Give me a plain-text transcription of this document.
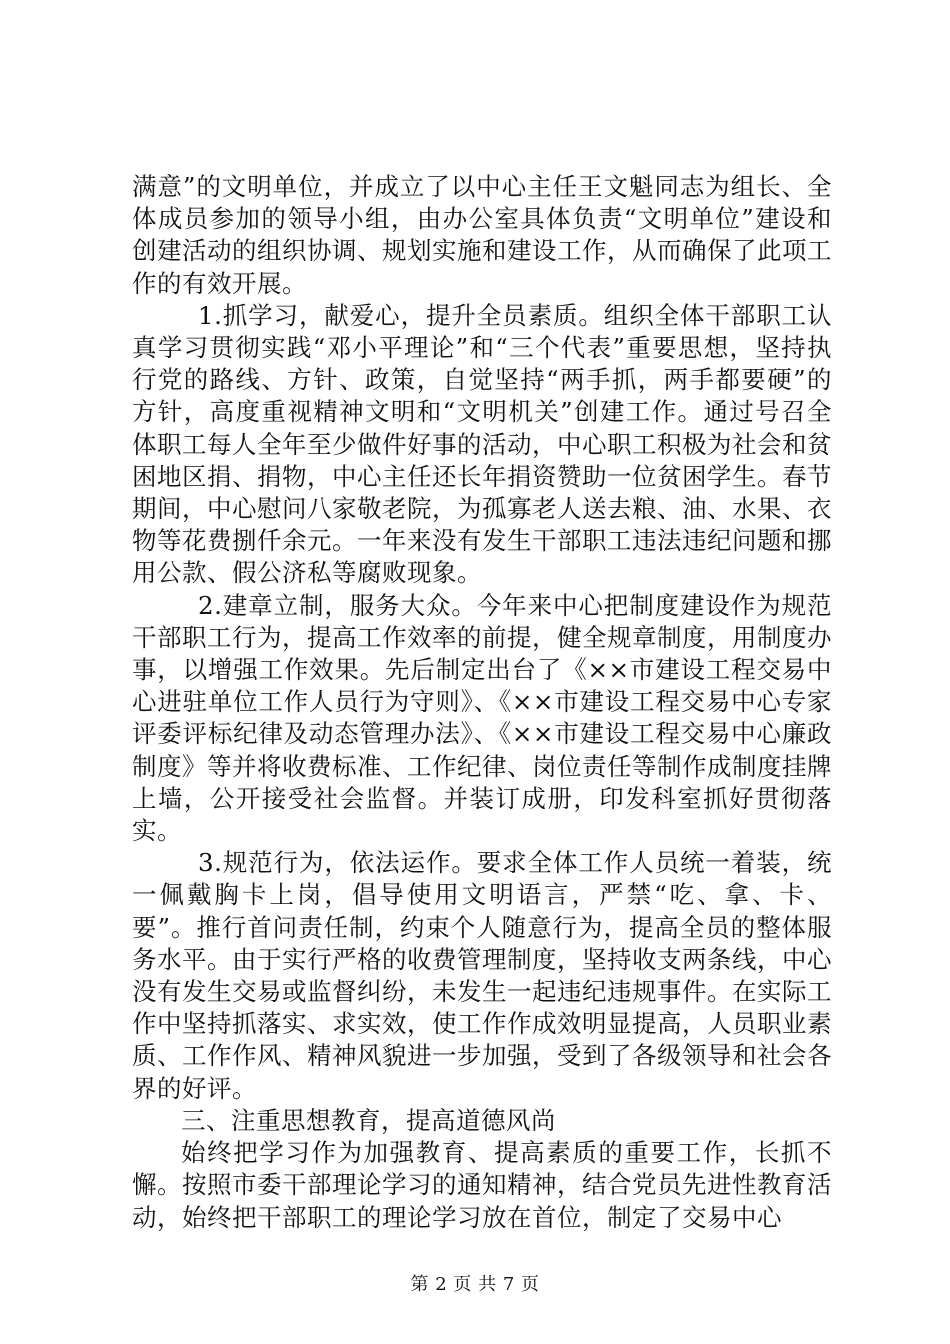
满意”的文明单位，并成立了以中心主任王文魁同志为组长、全体成员参加的领导小组，由办公室具体负责“文明单位”建设和创建活动的组织协调、规划实施和建设工作，从而确保了此项工作的有效开展。

1.抓学习，献爱心，提升全员素质。组织全体干部职工认真学习贯彻实践“邓小平理论”和“三个代表”重要思想，坚持执行党的路线、方针、政策，自觉坚持“两手抓，两手都要硬”的方针，高度重视精神文明和“文明机关”创建工作。通过号召全体职工每人全年至少做件好事的活动，中心职工积极为社会和贫困地区捐、捐物，中心主任还长年捐资赞助一位贫困学生。春节期间，中心慰问八家敬老院，为孤寡老人送去粮、油、水果、衣物等花费捌仟余元。一年来没有发生干部职工违法违纪问题和挪用公款、假公济私等腐败现象。

2.建章立制，服务大众。今年来中心把制度建设作为规范干部职工行为，提高工作效率的前提，健全规章制度，用制度办事，以增强工作效果。先后制定出台了《××市建设工程交易中心进驻单位工作人员行为守则》、《××市建设工程交易中心专家评委评标纪律及动态管理办法》、《××市建设工程交易中心廉政制度》等并将收费标准、工作纪律、岗位责任等制作成制度挂牌上墙，公开接受社会监督。并装订成册，印发科室抓好贯彻落实。

3.规范行为，依法运作。要求全体工作人员统一着装，统一佩戴胸卡上岗，倡导使用文明语言，严禁“吃、拿、卡、要”。推行首问责任制，约束个人随意行为，提高全员的整体服务水平。由于实行严格的收费管理制度，坚持收支两条线，中心没有发生交易或监督纠纷，未发生一起违纪违规事件。在实际工作中坚持抓落实、求实效，使工作作成效明显提高，人员职业素质、工作作风、精神风貌进一步加强，受到了各级领导和社会各界的好评。

三、注重思想教育，提高道德风尚

始终把学习作为加强教育、提高素质的重要工作，长抓不懈。按照市委干部理论学习的通知精神，结合党员先进性教育活动，始终把干部职工的理论学习放在首位，制定了交易中心

第 2 页 共 7 页
